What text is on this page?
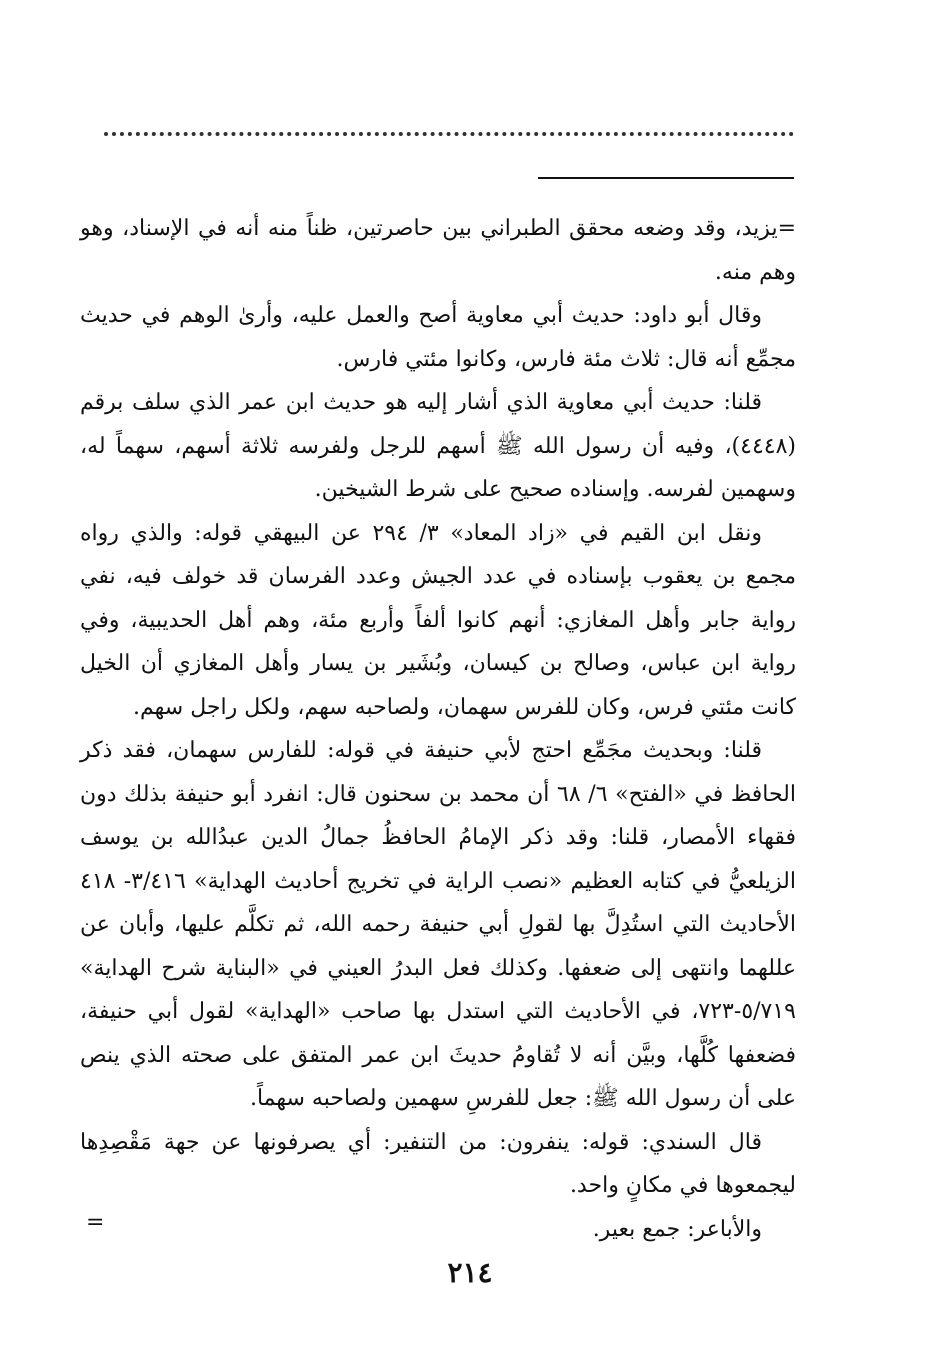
=يزيد، وقد وضعه محقق الطبراني بين حاصرتين، ظناً منه أنه في الإسناد، وهو وهم منه.

وقال أبو داود: حديث أبي معاوية أصح والعمل عليه، وأرىٰ الوهم في حديث مجمِّع أنه قال: ثلاث مئة فارس، وكانوا مئتي فارس.

قلنا: حديث أبي معاوية الذي أشار إليه هو حديث ابن عمر الذي سلف برقم (٤٤٤٨)، وفيه أن رسول الله ﷺ أسهم للرجل ولفرسه ثلاثة أسهم، سهماً له، وسهمين لفرسه. وإسناده صحيح على شرط الشيخين.

ونقل ابن القيم في «زاد المعاد» ٣/ ٢٩٤ عن البيهقي قوله: والذي رواه مجمع بن يعقوب بإسناده في عدد الجيش وعدد الفرسان قد خولف فيه، نفي رواية جابر وأهل المغازي: أنهم كانوا ألفاً وأربع مئة، وهم أهل الحديبية، وفي رواية ابن عباس، وصالح بن كيسان، وبُشَير بن يسار وأهل المغازي أن الخيل كانت مئتي فرس، وكان للفرس سهمان، ولصاحبه سهم، ولكل راجل سهم.

قلنا: وبحديث مجَمِّع احتج لأبي حنيفة في قوله: للفارس سهمان، فقد ذكر الحافظ في «الفتح» ٦/ ٦٨ أن محمد بن سحنون قال: انفرد أبو حنيفة بذلك دون فقهاء الأمصار، قلنا: وقد ذكر الإمامُ الحافظُ جمالُ الدين عبدُالله بن يوسف الزيلعيُّ في كتابه العظيم «نصب الراية في تخريج أحاديث الهداية» ٣/٤١٦- ٤١٨ الأحاديث التي استُدِلَّ بها لقولِ أبي حنيفة رحمه الله، ثم تكلَّم عليها، وأبان عن عللهما وانتهى إلى ضعفها. وكذلك فعل البدرُ العيني في «البناية شرح الهداية» ٥/٧١٩-٧٢٣، في الأحاديث التي استدل بها صاحب «الهداية» لقول أبي حنيفة، فضعفها كُلَّها، وبيَّن أنه لا تُقاومُ حديثَ ابن عمر المتفق على صحته الذي ينص على أن رسول الله ﷺ: جعل للفرسِ سهمين ولصاحبه سهماً.

قال السندي: قوله: ينفرون: من التنفير: أي يصرفونها عن جهة مَقْصِدِها ليجمعوها في مكانٍ واحد.

والأباعر: جمع بعير.

=
٢١٤
